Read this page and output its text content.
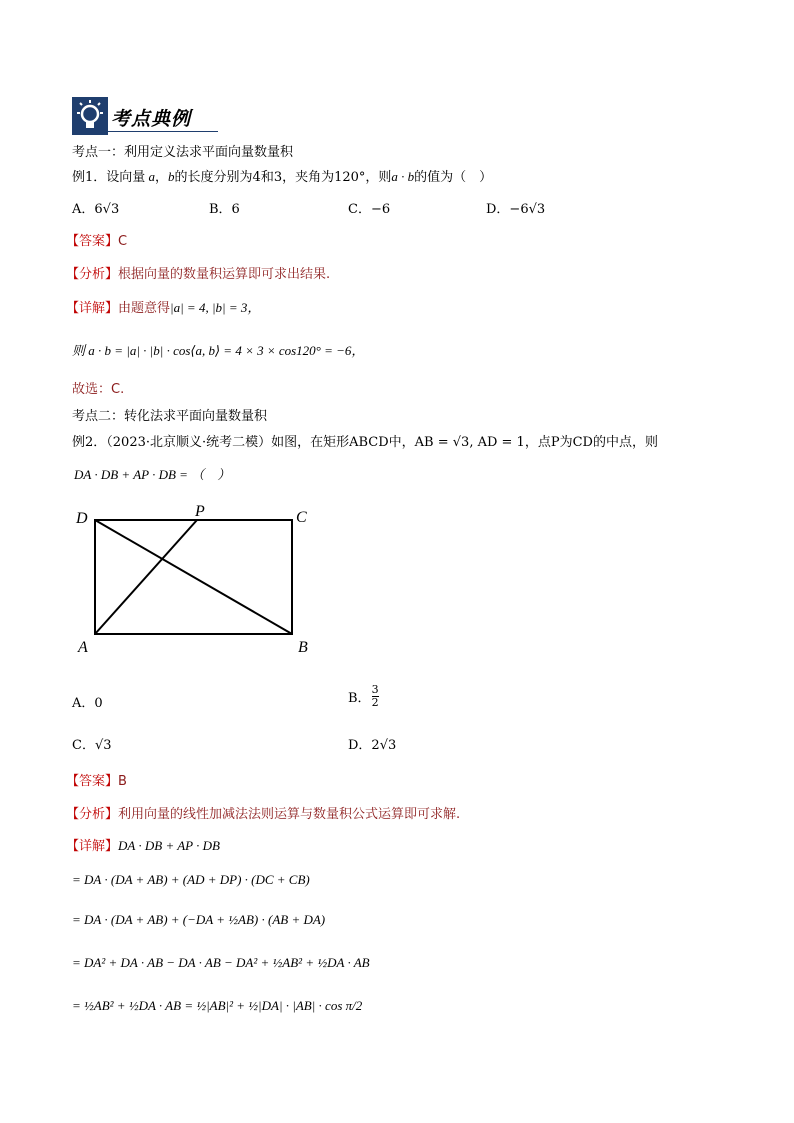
考点典例
考点一：利用定义法求平面向量数量积
例1．设向量 a，b的长度分别为4和3，夹角为120°，则a · b的值为（　）
A．6√3	B．6	C．−6	D．−6√3
【答案】C
【分析】根据向量的数量积运算即可求出结果.
【详解】由题意得|a| = 4, |b| = 3，
则 a · b = |a| · |b| · cos⟨a, b⟩ = 4 × 3 × cos120° = −6，
故选：C.
考点二：转化法求平面向量数量积
例2．（2023·北京顺义·统考二模）如图，在矩形ABCD中，AB = √3, AD = 1，点P为CD的中点，则
DA · DB + AP · DB = （　）
D	P	C
A	B
A．0	B． $\frac{3}{2}$
C．√3	D．2√3
【答案】B
【分析】利用向量的线性加减法法则运算与数量积公式运算即可求解.
【详解】DA · DB + AP · DB
= DA · (DA + AB) + (AD + DP) · (DC + CB)
= DA · (DA + AB) + (−DA + ½AB) · (AB + DA)
= DA² + DA · AB − DA · AB − DA² + ½AB² + ½DA · AB
= ½AB² + ½DA · AB = ½|AB|² + ½|DA| · |AB| · cos π/2
